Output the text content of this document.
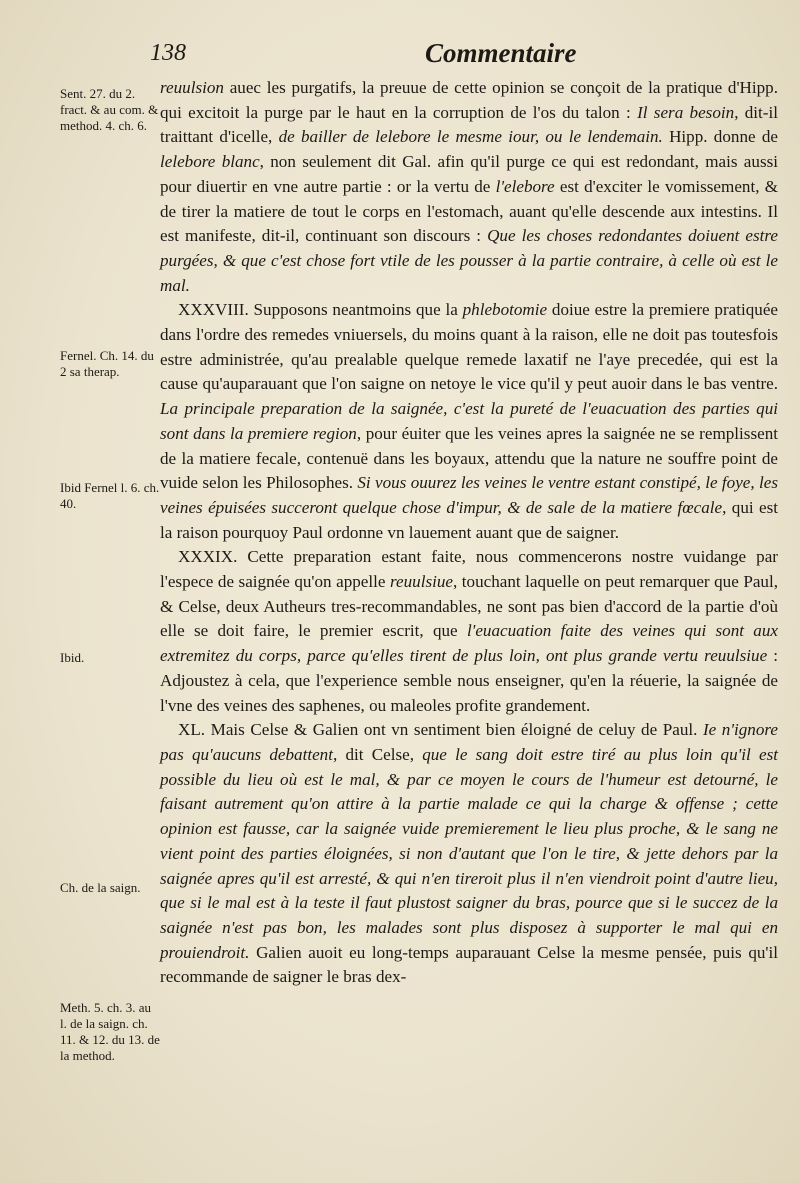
138	Commentaire
Sent. 27. du 2. fract. & au com. & method. 4. ch. 6.
Fernel. Ch. 14. du 2 sa therap.
Ibid Fernel l. 6. ch. 40.
Ibid.
Ch. de la saign.
Meth. 5. ch. 3. au l. de la saign. ch. 11. & 12. du 13. de la method.

reuulsion auec les purgatifs, la preuue de cette opinion se conçoit de la pratique d'Hipp. qui excitoit la purge par le haut en la corruption de l'os du talon : Il sera besoin, dit-il traittant d'icelle, de bailler de lelebore le mesme iour, ou le lendemain. Hipp. donne de lelebore blanc, non seulement dit Gal. afin qu'il purge ce qui est redondant, mais aussi pour diuertir en vne autre partie : or la vertu de l'elebore est d'exciter le vomissement, & de tirer la matiere de tout le corps en l'estomach, auant qu'elle descende aux intestins. Il est manifeste, dit-il, continuant son discours : Que les choses redondantes doiuent estre purgées, & que c'est chose fort vtile de les pousser à la partie contraire, à celle où est le mal.

XXXVIII. Supposons neantmoins que la phlebotomie doiue estre la premiere pratiquée dans l'ordre des remedes vniuersels, du moins quant à la raison, elle ne doit pas toutesfois estre administrée, qu'au prealable quelque remede laxatif ne l'aye precedée, qui est la cause qu'auparauant que l'on saigne on netoye le vice qu'il y peut auoir dans le bas ventre. La principale preparation de la saignée, c'est la pureté de l'euacuation des parties qui sont dans la premiere region, pour éuiter que les veines apres la saignée ne se remplissent de la matiere fecale, contenuë dans les boyaux, attendu que la nature ne souffre point de vuide selon les Philosophes. Si vous ouurez les veines le ventre estant constipé, le foye, les veines épuisées succeront quelque chose d'impur, & de sale de la matiere fœcale, qui est la raison pourquoy Paul ordonne vn lauement auant que de saigner.

XXXIX. Cette preparation estant faite, nous commencerons nostre vuidange par l'espece de saignée qu'on appelle reuulsiue, touchant laquelle on peut remarquer que Paul, & Celse, deux Autheurs tres-recommandables, ne sont pas bien d'accord de la partie d'où elle se doit faire, le premier escrit, que l'euacuation faite des veines qui sont aux extremitez du corps, parce qu'elles tirent de plus loin, ont plus grande vertu reuulsiue : Adjoustez à cela, que l'experience semble nous enseigner, qu'en la réuerie, la saignée de l'vne des veines des saphenes, ou maleoles profite grandement.

XL. Mais Celse & Galien ont vn sentiment bien éloigné de celuy de Paul. Ie n'ignore pas qu'aucuns debattent, dit Celse, que le sang doit estre tiré au plus loin qu'il est possible du lieu où est le mal, & par ce moyen le cours de l'humeur est detourné, le faisant autrement qu'on attire à la partie malade ce qui la charge & offense ; cette opinion est fausse, car la saignée vuide premierement le lieu plus proche, & le sang ne vient point des parties éloignées, si non d'autant que l'on le tire, & jette dehors par la saignée apres qu'il est arresté, & qui n'en tireroit plus il n'en viendroit point d'autre lieu, que si le mal est à la teste il faut plustost saigner du bras, pource que si le succez de la saignée n'est pas bon, les malades sont plus disposez à supporter le mal qui en prouiendroit. Galien auoit eu long-temps auparauant Celse la mesme pensée, puis qu'il recommande de saigner le bras dex-
